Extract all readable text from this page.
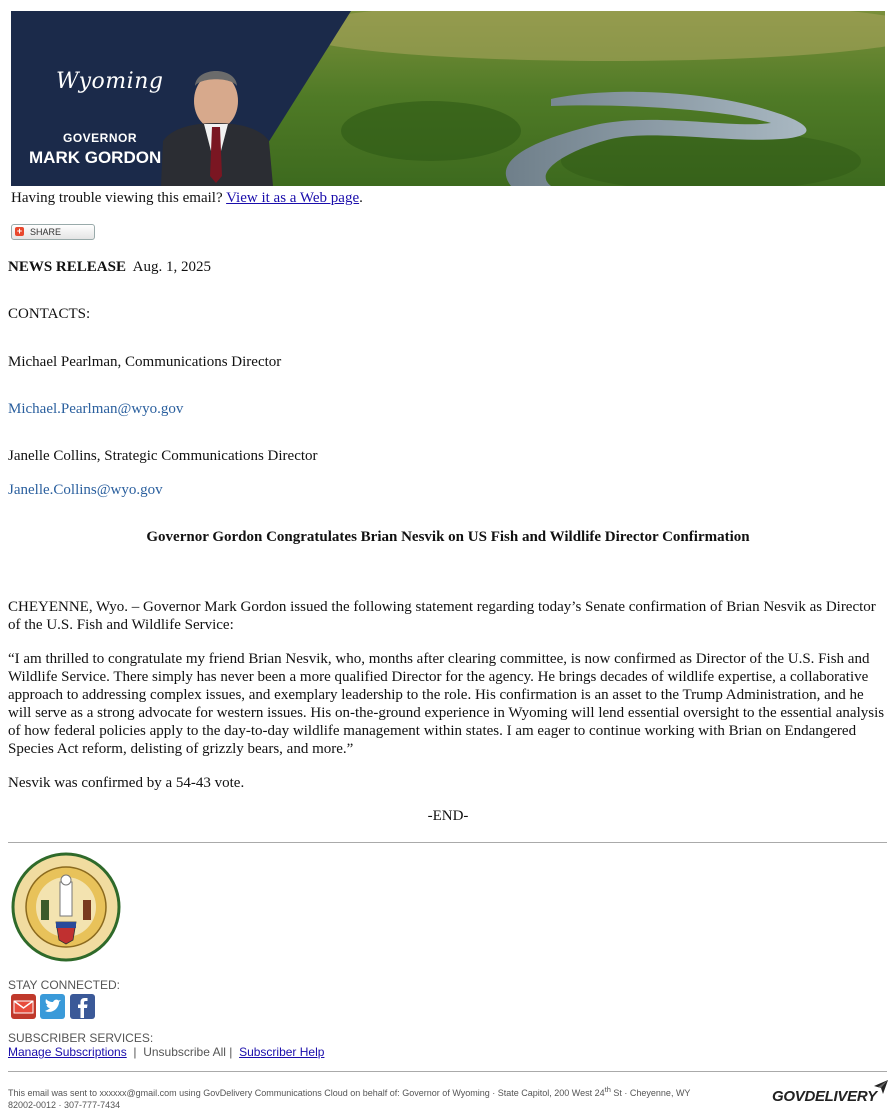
Wyoming
GOVERNOR
MARK GORDON
Having trouble viewing this email? View it as a Web page.
+ SHARE
NEWS RELEASE Aug. 1, 2025
CONTACTS:
Michael Pearlman, Communications Director
Michael.Pearlman@wyo.gov
Janelle Collins, Strategic Communications Director
Janelle.Collins@wyo.gov
Governor Gordon Congratulates Brian Nesvik on US Fish and Wildlife Director Confirmation
CHEYENNE, Wyo. – Governor Mark Gordon issued the following statement regarding today’s Senate confirmation of Brian Nesvik as Director of the U.S. Fish and Wildlife Service:
“I am thrilled to congratulate my friend Brian Nesvik, who, months after clearing committee, is now confirmed as Director of the U.S. Fish and Wildlife Service. There simply has never been a more qualified Director for the agency. He brings decades of wildlife expertise, a collaborative approach to addressing complex issues, and exemplary leadership to the role. His confirmation is an asset to the Trump Administration, and he will serve as a strong advocate for western issues. His on-the-ground experience in Wyoming will lend essential oversight to the essential analysis of how federal policies apply to the day-to-day wildlife management within states. I am eager to continue working with Brian on Endangered Species Act reform, delisting of grizzly bears, and more.”
Nesvik was confirmed by a 54-43 vote.
-END-
STAY CONNECTED:
SUBSCRIBER SERVICES:
Manage Subscriptions | Unsubscribe All | Subscriber Help
This email was sent to xxxxxx@gmail.com using GovDelivery Communications Cloud on behalf of: Governor of Wyoming · State Capitol, 200 West 24th St · Cheyenne, WY
82002-0012 · 307-777-7434	GOVDELIVERY
